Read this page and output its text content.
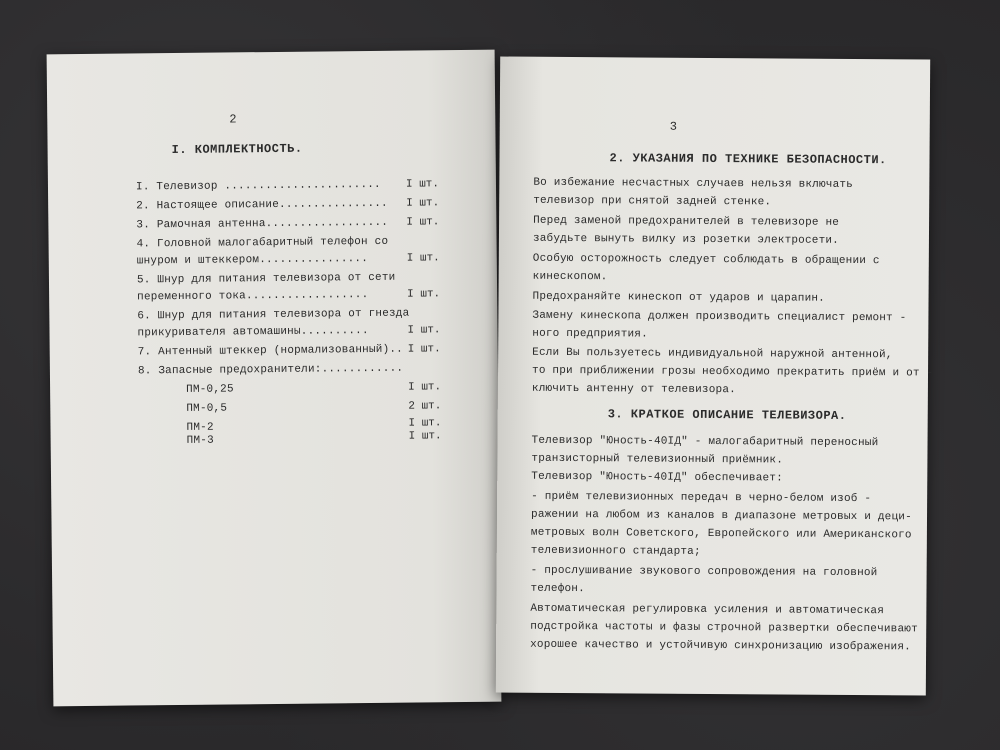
2
I. КОМПЛЕКТНОСТЬ.
I. Телевизор ....................... I шт.
2. Настоящее описание................ I шт.
3. Рамочная антенна.................. I шт.
4. Головной малогабаритный телефон со
шнуром и штеккером................	I шт.
5. Шнур для питания телевизора от сети
переменного тока..................	I шт.
6. Шнур для питания телевизора от гнезда
прикуривателя автомашины..........	I шт.
7. Антенный штеккер (нормализованный).. I шт.
8. Запасные предохранители:............
ПМ-0,25	I шт.
ПМ-0,5	2 шт.
ПМ-2	I шт.
ПМ-3	I шт.
3
2. УКАЗАНИЯ ПО ТЕХНИКЕ БЕЗОПАСНОСТИ.
Во избежание несчастных случаев нельзя включать
телевизор при снятой задней стенке.
Перед заменой предохранителей в телевизоре не
забудьте вынуть вилку из розетки электросети.
Особую осторожность следует соблюдать в обращении с
кинескопом.
Предохраняйте кинескоп от ударов и царапин.
Замену кинескопа должен производить специалист ремонт -
ного предприятия.
Если Вы пользуетесь индивидуальной наружной антенной,
то при приближении грозы необходимо прекратить приём и от -
ключить антенну от телевизора.
3. КРАТКОЕ ОПИСАНИЕ ТЕЛЕВИЗОРА.
Телевизор "Юность-40IД" - малогабаритный переносный
транзисторный телевизионный приёмник.
Телевизор "Юность-40IД" обеспечивает:
- приём телевизионных передач в черно-белом изоб -
ражении на любом из каналов в диапазоне метровых и деци-
метровых волн Советского, Европейского или Американского
телевизионного стандарта;
- прослушивание звукового сопровождения на головной
телефон.
Автоматическая регулировка усиления и автоматическая
подстройка частоты и фазы строчной развертки обеспечивают
хорошее качество и устойчивую синхронизацию изображения.
